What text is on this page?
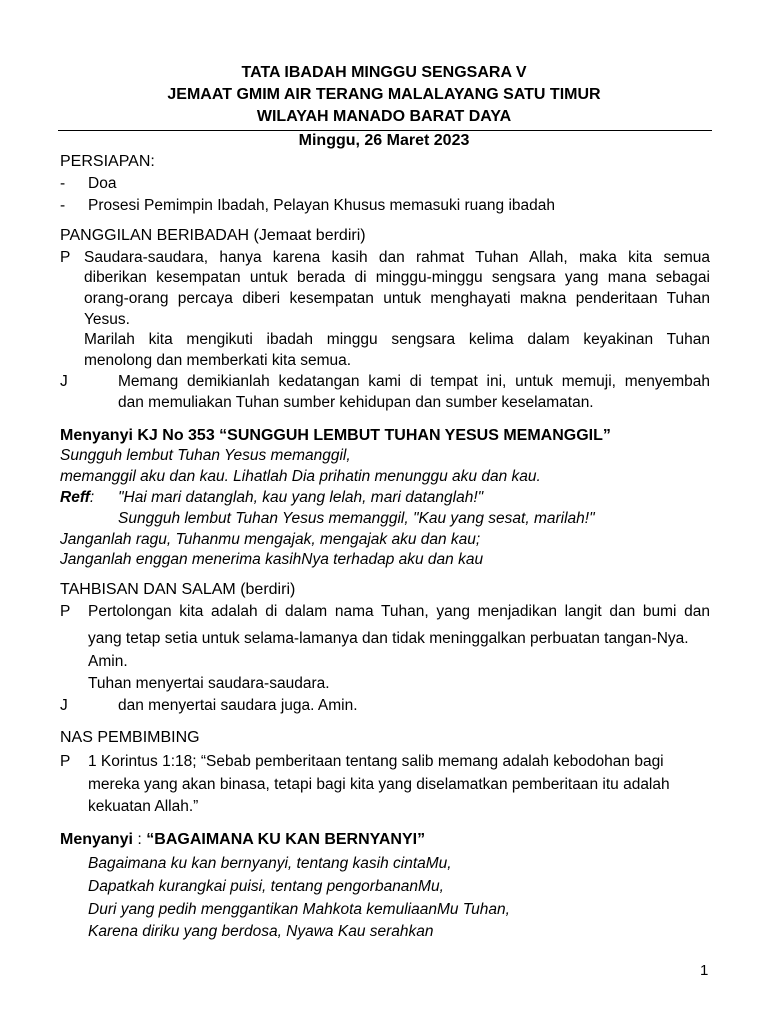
TATA IBADAH MINGGU SENGSARA V
JEMAAT GMIM AIR TERANG MALALAYANG SATU TIMUR
WILAYAH MANADO BARAT DAYA
Minggu, 26 Maret 2023
PERSIAPAN:
- Doa
- Prosesi Pemimpin Ibadah, Pelayan Khusus memasuki ruang ibadah
PANGGILAN BERIBADAH (Jemaat berdiri)
P Saudara-saudara, hanya karena kasih dan rahmat Tuhan Allah, maka kita semua
diberikan kesempatan untuk berada di minggu-minggu sengsara yang mana sebagai
orang-orang percaya diberi kesempatan untuk menghayati makna penderitaan Tuhan
Yesus.
Marilah kita mengikuti ibadah minggu sengsara kelima dalam keyakinan Tuhan
menolong dan memberkati kita semua.
J	Memang demikianlah kedatangan kami di tempat ini, untuk memuji, menyembah
dan memuliakan Tuhan sumber kehidupan dan sumber keselamatan.
Menyanyi KJ No 353 “SUNGGUH LEMBUT TUHAN YESUS MEMANGGIL”
Sungguh lembut Tuhan Yesus memanggil,
memanggil aku dan kau. Lihatlah Dia prihatin menunggu aku dan kau.
Reff: "Hai mari datanglah, kau yang lelah, mari datanglah!"
Sungguh lembut Tuhan Yesus memanggil, "Kau yang sesat, marilah!"
Janganlah ragu, Tuhanmu mengajak, mengajak aku dan kau;
Janganlah enggan menerima kasihNya terhadap aku dan kau
TAHBISAN DAN SALAM (berdiri)
P Pertolongan kita adalah di dalam nama Tuhan, yang menjadikan langit dan bumi dan
yang tetap setia untuk selama-lamanya dan tidak meninggalkan perbuatan tangan-Nya.
Amin.
Tuhan menyertai saudara-saudara.
J	dan menyertai saudara juga. Amin.
NAS PEMBIMBING
P 1 Korintus 1:18; “Sebab pemberitaan tentang salib memang adalah kebodohan bagi
mereka yang akan binasa, tetapi bagi kita yang diselamatkan pemberitaan itu adalah
kekuatan Allah.”
Menyanyi : “BAGAIMANA KU KAN BERNYANYI”
Bagaimana ku kan bernyanyi, tentang kasih cintaMu,
Dapatkah kurangkai puisi, tentang pengorbananMu,
Duri yang pedih menggantikan Mahkota kemuliaanMu Tuhan,
Karena diriku yang berdosa, Nyawa Kau serahkan
1
